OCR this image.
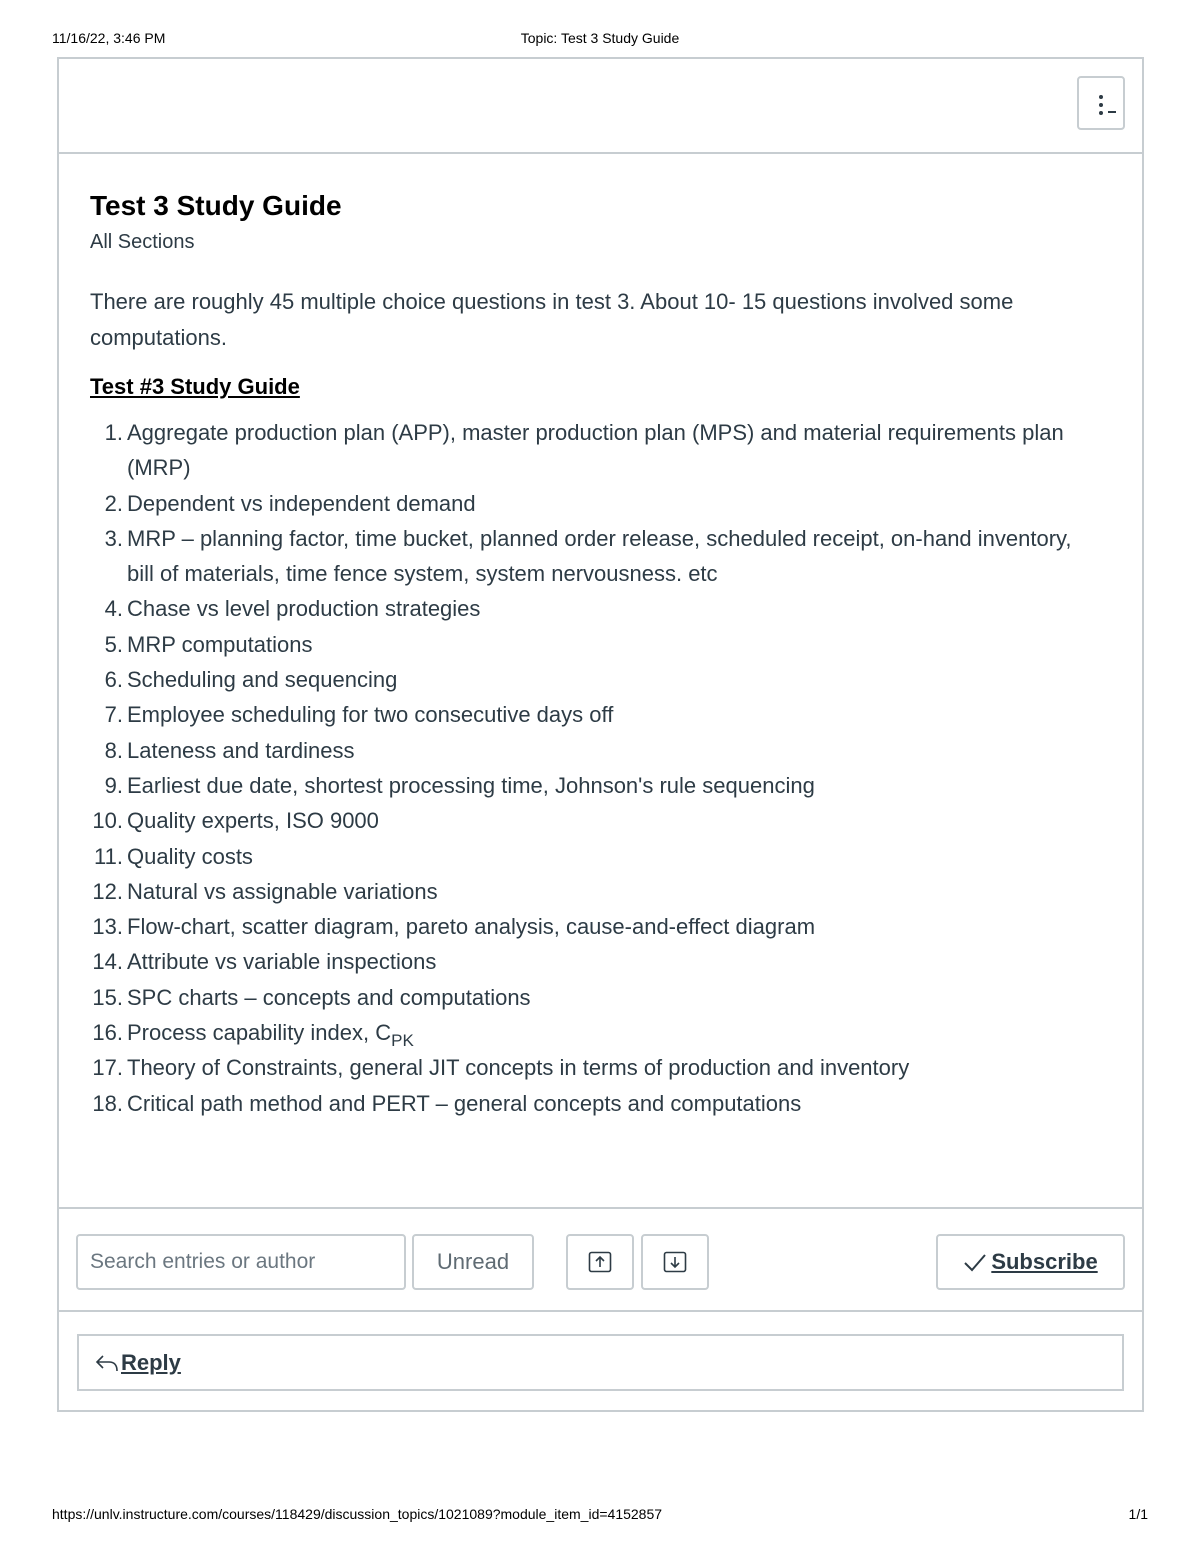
11/16/22, 3:46 PM	Topic: Test 3 Study Guide
Test 3 Study Guide
All Sections
There are roughly 45 multiple choice questions in test 3. About 10- 15 questions involved some computations.
Test #3 Study Guide
1. Aggregate production plan (APP), master production plan (MPS) and material requirements plan (MRP)
2. Dependent vs independent demand
3. MRP – planning factor, time bucket, planned order release, scheduled receipt, on-hand inventory, bill of materials, time fence system, system nervousness. etc
4. Chase vs level production strategies
5. MRP computations
6. Scheduling and sequencing
7. Employee scheduling for two consecutive days off
8. Lateness and tardiness
9. Earliest due date, shortest processing time, Johnson's rule sequencing
10. Quality experts, ISO 9000
11. Quality costs
12. Natural vs assignable variations
13. Flow-chart, scatter diagram, pareto analysis, cause-and-effect diagram
14. Attribute vs variable inspections
15. SPC charts – concepts and computations
16. Process capability index, $C_{PK}$
17. Theory of Constraints, general JIT concepts in terms of production and inventory
18. Critical path method and PERT – general concepts and computations
Search entries or author
Unread	Subscribe
Reply
https://unlv.instructure.com/courses/118429/discussion_topics/1021089?module_item_id=4152857	1/1
